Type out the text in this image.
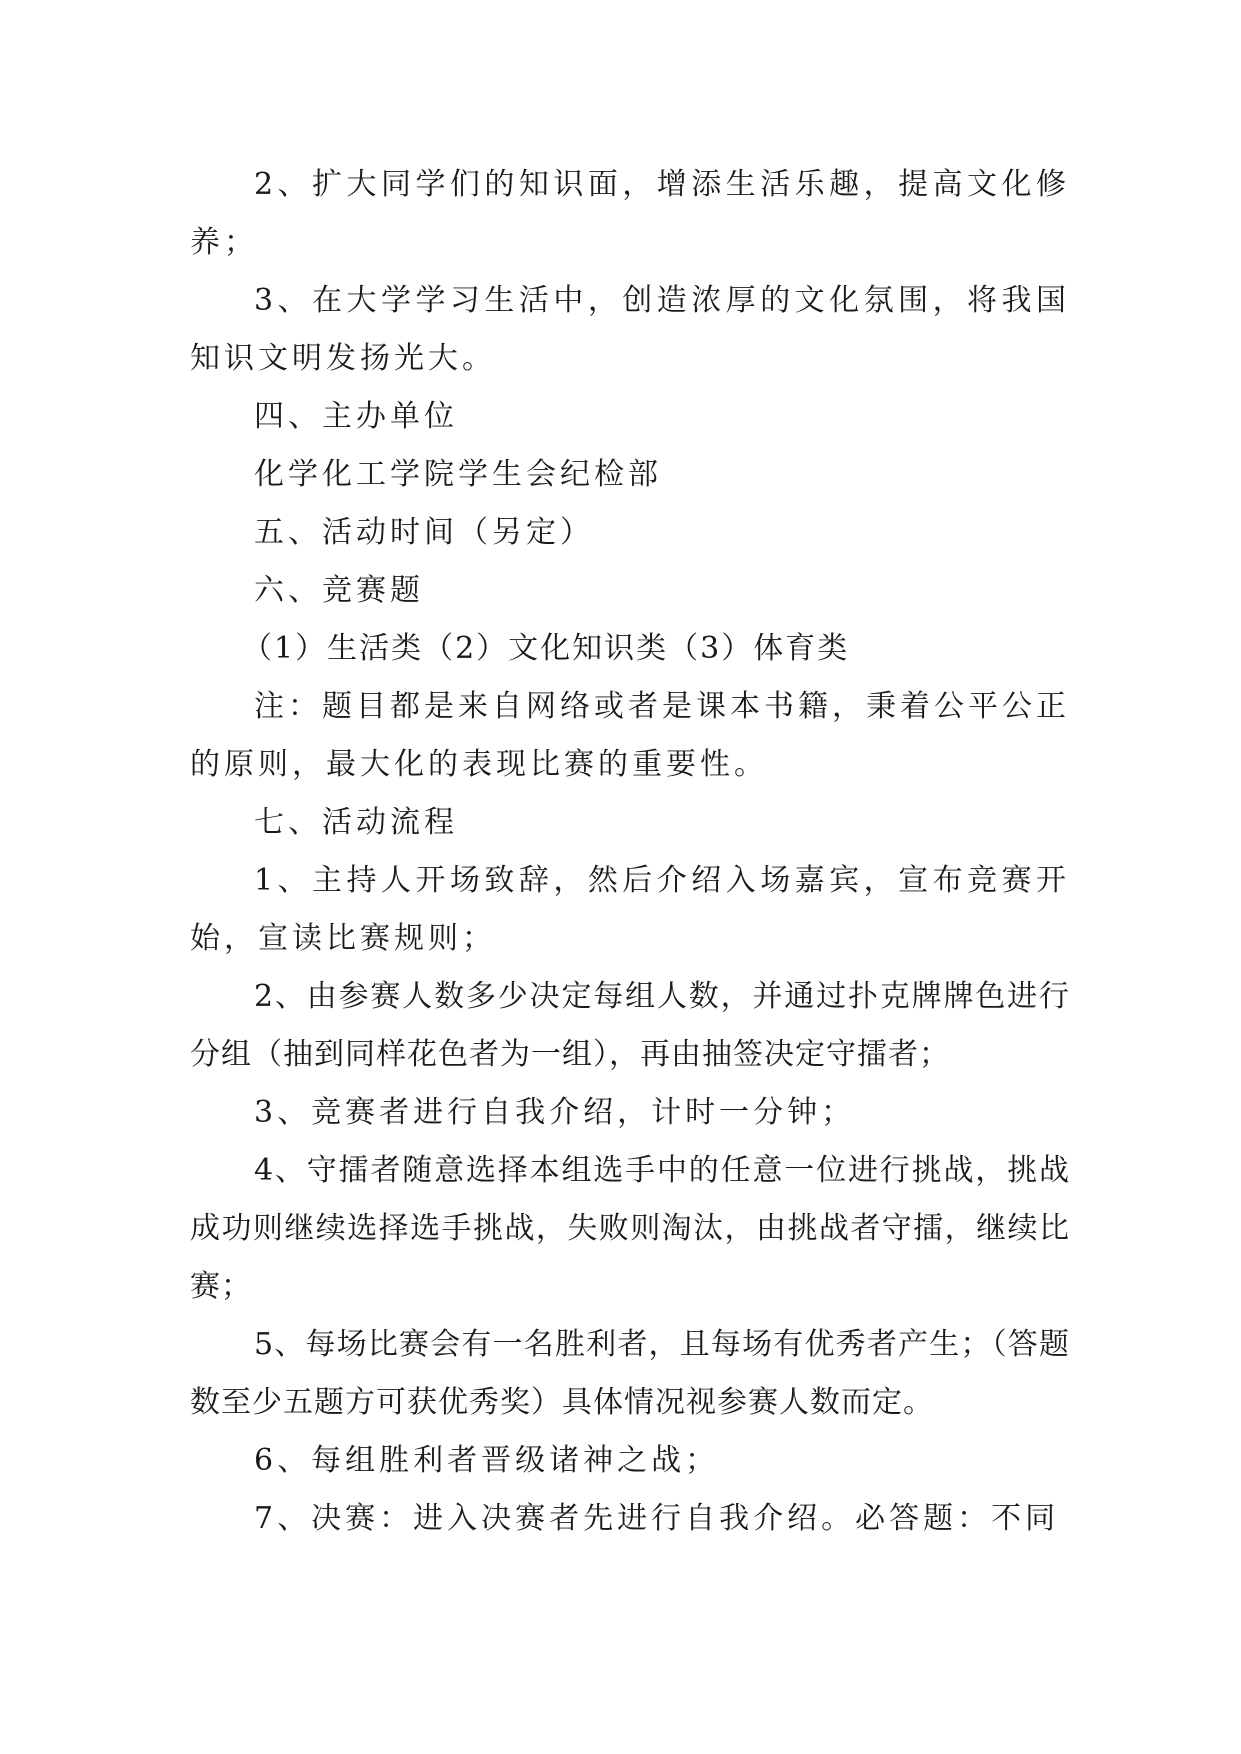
2、扩大同学们的知识面，增添生活乐趣，提高文化修养；

3、在大学学习生活中，创造浓厚的文化氛围，将我国知识文明发扬光大。

四、主办单位

化学化工学院学生会纪检部

五、活动时间（另定）

六、竞赛题

（1）生活类（2）文化知识类（3）体育类

注：题目都是来自网络或者是课本书籍，秉着公平公正的原则，最大化的表现比赛的重要性。

七、活动流程

1、主持人开场致辞，然后介绍入场嘉宾，宣布竞赛开始，宣读比赛规则；

2、由参赛人数多少决定每组人数，并通过扑克牌牌色进行分组（抽到同样花色者为一组），再由抽签决定守擂者；

3、竞赛者进行自我介绍，计时一分钟；

4、守擂者随意选择本组选手中的任意一位进行挑战，挑战成功则继续选择选手挑战，失败则淘汰，由挑战者守擂，继续比赛；

5、每场比赛会有一名胜利者，且每场有优秀者产生；（答题数至少五题方可获优秀奖）具体情况视参赛人数而定。

6、每组胜利者晋级诸神之战；

7、决赛：进入决赛者先进行自我介绍。必答题：不同
